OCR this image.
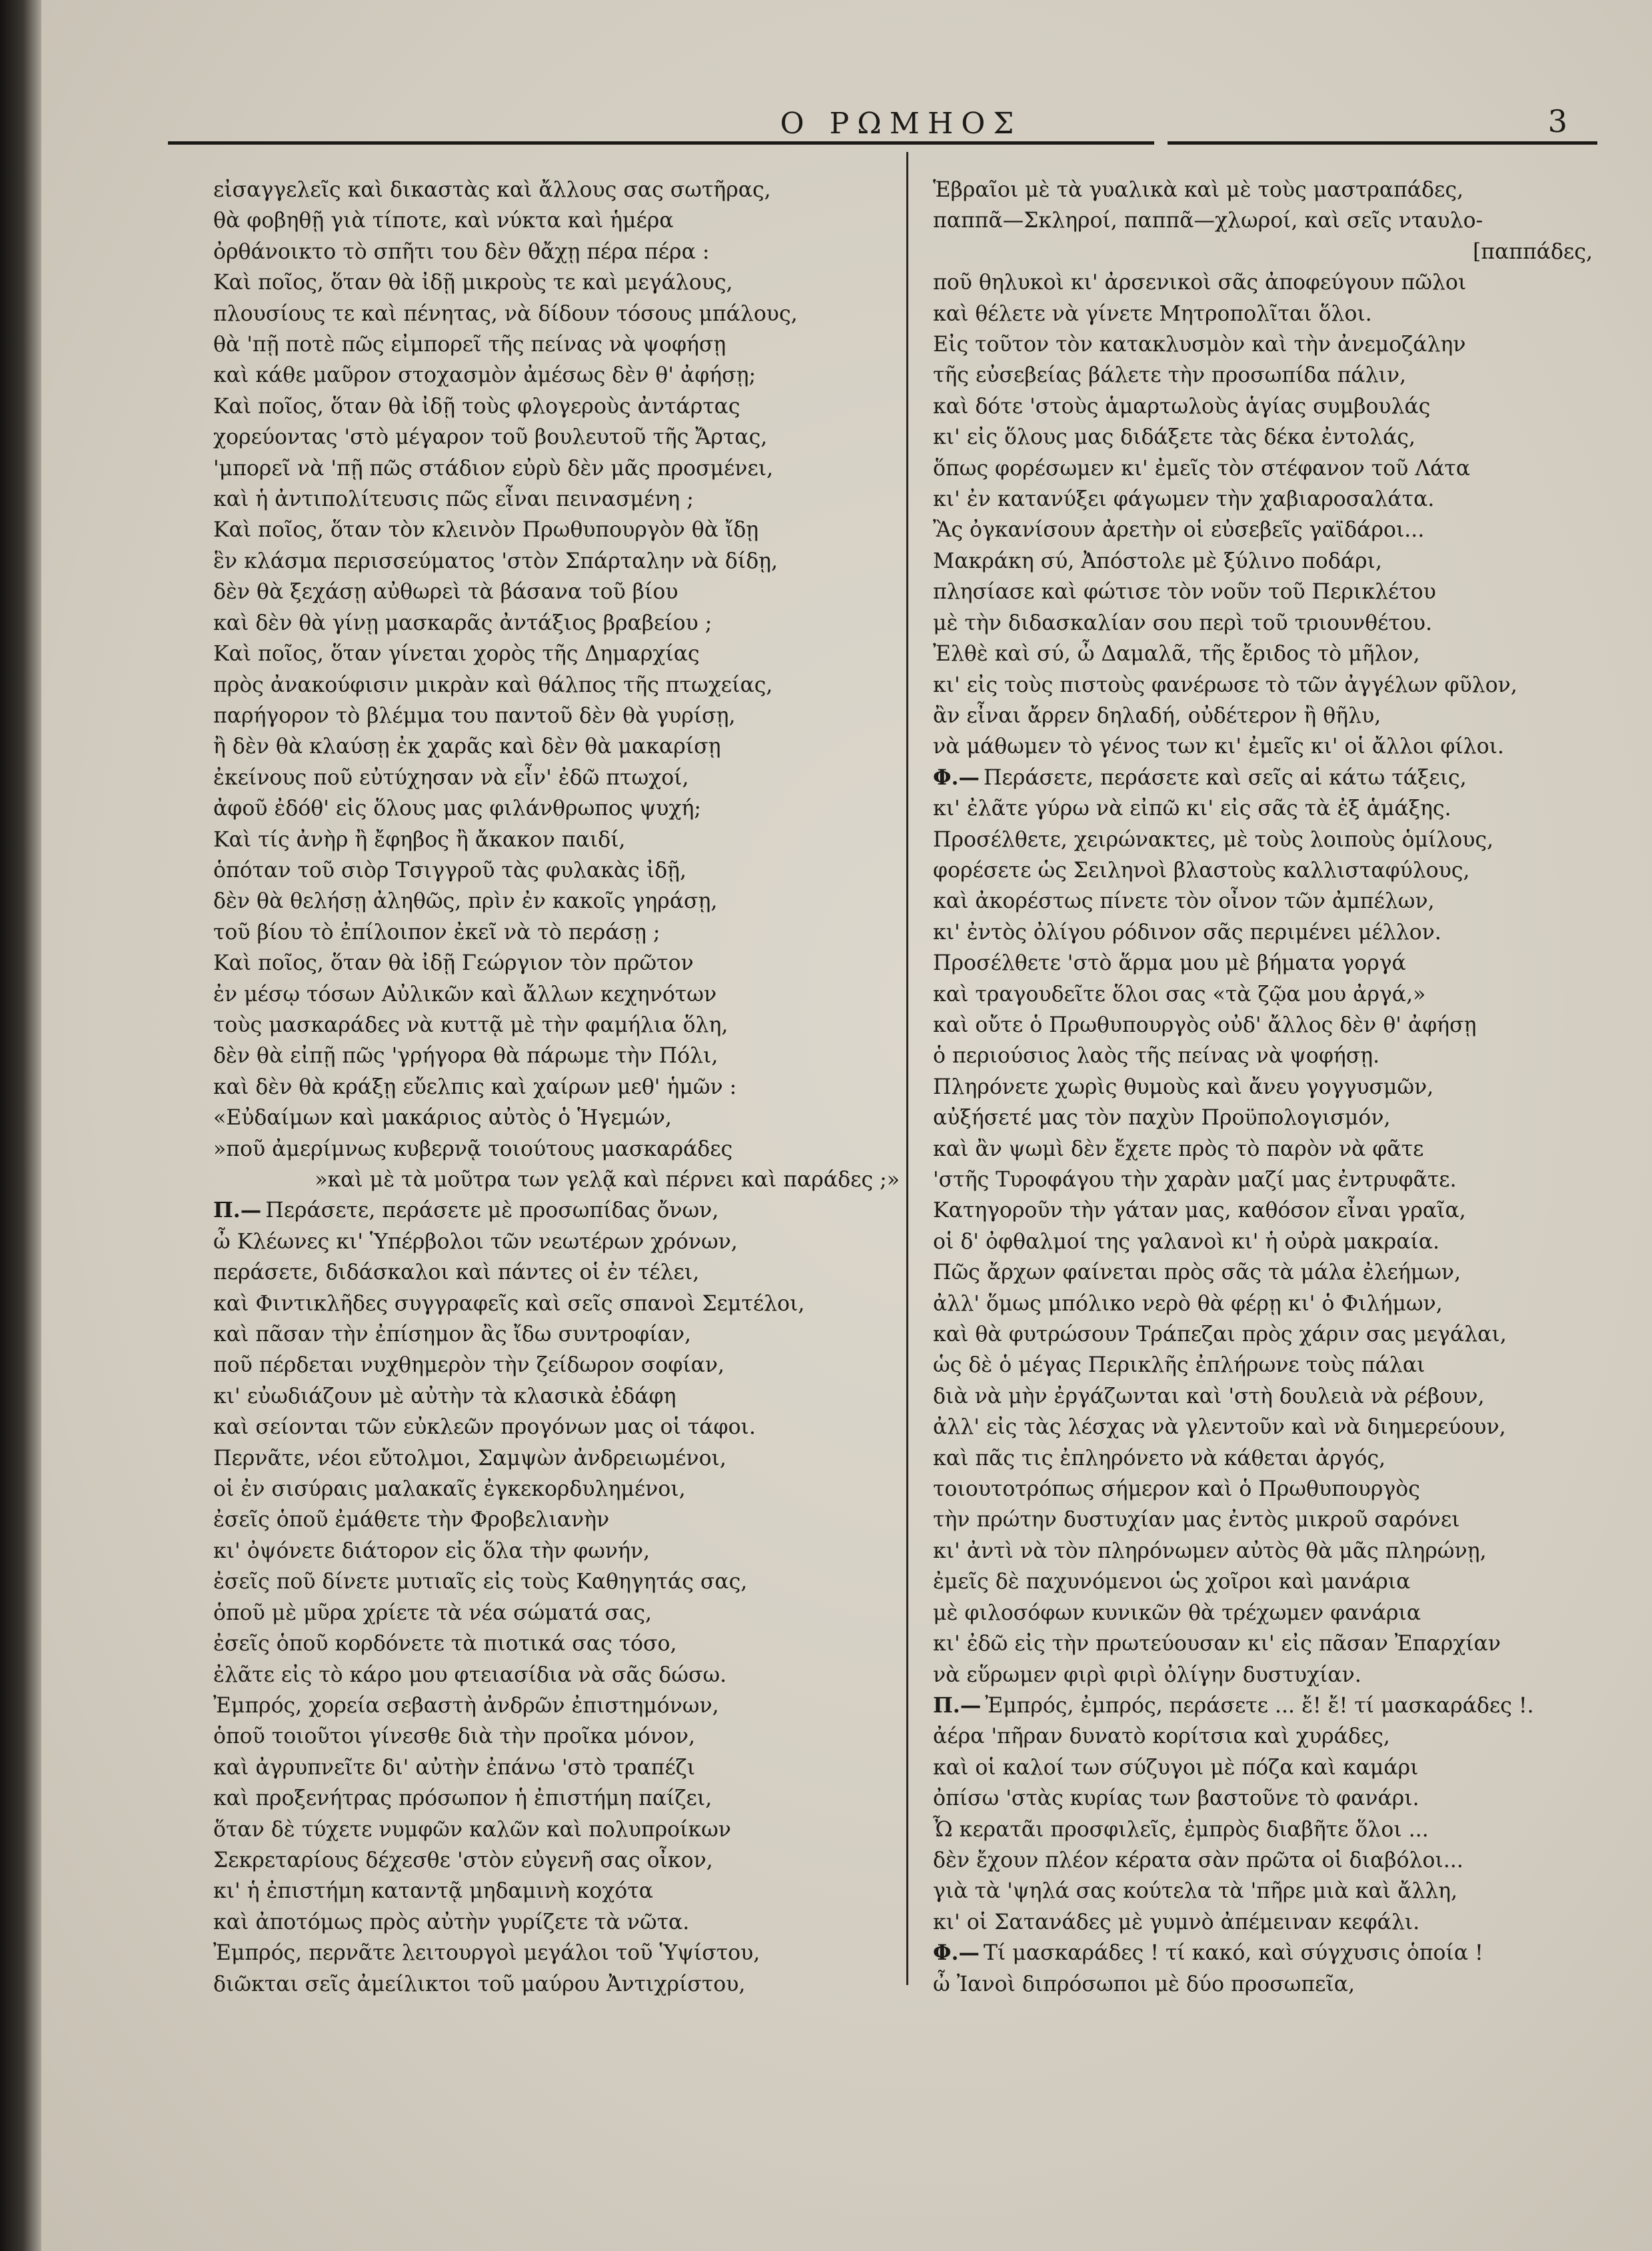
Ο ΡΩΜΗΟΣ	3
εἰσαγγελεῖς καὶ δικαστὰς καὶ ἄλλους σας σωτῆρας,
θὰ φοβηθῇ γιὰ τίποτε, καὶ νύκτα καὶ ἡμέρα
ὀρθάνοικτο τὸ σπῆτι του δὲν θἄχῃ πέρα πέρα :
Καὶ ποῖος, ὅταν θὰ ἰδῇ μικροὺς τε καὶ μεγάλους,
πλουσίους τε καὶ πένητας, νὰ δίδουν τόσους μπάλους,
θὰ 'πῇ ποτὲ πῶς εἰμπορεῖ τῆς πείνας νὰ ψοφήσῃ
καὶ κάθε μαῦρον στοχασμὸν ἀμέσως δὲν θ' ἀφήσῃ;
Καὶ ποῖος, ὅταν θὰ ἰδῇ τοὺς φλογεροὺς ἀντάρτας
χορεύοντας 'στὸ μέγαρον τοῦ βουλευτοῦ τῆς Ἄρτας,
'μπορεῖ νὰ 'πῇ πῶς στάδιον εὐρὺ δὲν μᾶς προσμένει,
καὶ ἡ ἀντιπολίτευσις πῶς εἶναι πεινασμένη ;
Καὶ ποῖος, ὅταν τὸν κλεινὸν Πρωθυπουργὸν θὰ ἴδῃ
ἓν κλάσμα περισσεύματος 'στὸν Σπάρταλην νὰ δίδῃ,
δὲν θὰ ξεχάσῃ αὐθωρεὶ τὰ βάσανα τοῦ βίου
καὶ δὲν θὰ γίνῃ μασκαρᾶς ἀντάξιος βραβείου ;
Καὶ ποῖος, ὅταν γίνεται χορὸς τῆς Δημαρχίας
πρὸς ἀνακούφισιν μικρὰν καὶ θάλπος τῆς πτωχείας,
παρήγορον τὸ βλέμμα του παντοῦ δὲν θὰ γυρίσῃ,
ἢ δὲν θὰ κλαύσῃ ἐκ χαρᾶς καὶ δὲν θὰ μακαρίσῃ
ἐκείνους ποῦ εὐτύχησαν νὰ εἶν' ἐδῶ πτωχοί,
ἀφοῦ ἐδόθ' εἰς ὅλους μας φιλάνθρωπος ψυχή;
Καὶ τίς ἀνὴρ ἢ ἔφηβος ἢ ἄκακον παιδί,
ὁπόταν τοῦ σιὸρ Τσιγγροῦ τὰς φυλακὰς ἰδῇ,
δὲν θὰ θελήσῃ ἀληθῶς, πρὶν ἐν κακοῖς γηράσῃ,
τοῦ βίου τὸ ἐπίλοιπον ἐκεῖ νὰ τὸ περάσῃ ;
Καὶ ποῖος, ὅταν θὰ ἰδῇ Γεώργιον τὸν πρῶτον
ἐν μέσῳ τόσων Αὐλικῶν καὶ ἄλλων κεχηνότων
τοὺς μασκαράδες νὰ κυττᾷ μὲ τὴν φαμήλια ὅλη,
δὲν θὰ εἰπῇ πῶς 'γρήγορα θὰ πάρωμε τὴν Πόλι,
καὶ δὲν θὰ κράξῃ εὔελπις καὶ χαίρων μεθ' ἡμῶν :
«Εὐδαίμων καὶ μακάριος αὐτὸς ὁ Ἡγεμών,
»ποῦ ἀμερίμνως κυβερνᾷ τοιούτους μασκαράδες
»καὶ μὲ τὰ μοῦτρα των γελᾷ καὶ πέρνει καὶ παράδες ;»
Π.— Περάσετε, περάσετε μὲ προσωπίδας ὄνων,
ὦ Κλέωνες κι' Ὑπέρβολοι τῶν νεωτέρων χρόνων,
περάσετε, διδάσκαλοι καὶ πάντες οἱ ἐν τέλει,
καὶ Φιντικλῆδες συγγραφεῖς καὶ σεῖς σπανοὶ Σεμτέλοι,
καὶ πᾶσαν τὴν ἐπίσημον ἂς ἴδω συντροφίαν,
ποῦ πέρδεται νυχθημερὸν τὴν ζείδωρον σοφίαν,
κι' εὐωδιάζουν μὲ αὐτὴν τὰ κλασικὰ ἐδάφη
καὶ σείονται τῶν εὐκλεῶν προγόνων μας οἱ τάφοι.
Περνᾶτε, νέοι εὔτολμοι, Σαμψὼν ἀνδρειωμένοι,
οἱ ἐν σισύραις μαλακαῖς ἐγκεκορδυλημένοι,
ἐσεῖς ὁποῦ ἐμάθετε τὴν Φροβελιανὴν
κι' ὀψόνετε διάτορον εἰς ὅλα τὴν φωνήν,
ἐσεῖς ποῦ δίνετε μυτιαῖς εἰς τοὺς Καθηγητάς σας,
ὁποῦ μὲ μῦρα χρίετε τὰ νέα σώματά σας,
ἐσεῖς ὁποῦ κορδόνετε τὰ πιοτικά σας τόσο,
ἐλᾶτε εἰς τὸ κάρο μου φτειασίδια νὰ σᾶς δώσω.
Ἐμπρός, χορεία σεβαστὴ ἀνδρῶν ἐπιστημόνων,
ὁποῦ τοιοῦτοι γίνεσθε διὰ τὴν προῖκα μόνον,
καὶ ἀγρυπνεῖτε δι' αὐτὴν ἐπάνω 'στὸ τραπέζι
καὶ προξενήτρας πρόσωπον ἡ ἐπιστήμη παίζει,
ὅταν δὲ τύχετε νυμφῶν καλῶν καὶ πολυπροίκων
Σεκρεταρίους δέχεσθε 'στὸν εὐγενῆ σας οἶκον,
κι' ἡ ἐπιστήμη καταντᾷ μηδαμινὴ κοχότα
καὶ ἀποτόμως πρὸς αὐτὴν γυρίζετε τὰ νῶτα.
Ἐμπρός, περνᾶτε λειτουργοὶ μεγάλοι τοῦ Ὑψίστου,
διῶκται σεῖς ἀμείλικτοι τοῦ μαύρου Ἀντιχρίστου,
Ἑβραῖοι μὲ τὰ γυαλικὰ καὶ μὲ τοὺς μαστραπάδες,
παππᾶ—Σκληροί, παππᾶ—χλωροί, καὶ σεῖς νταυλο-
[παππάδες,
ποῦ θηλυκοὶ κι' ἀρσενικοὶ σᾶς ἀποφεύγουν πῶλοι
καὶ θέλετε νὰ γίνετε Μητροπολῖται ὅλοι.
Εἰς τοῦτον τὸν κατακλυσμὸν καὶ τὴν ἀνεμοζάλην
τῆς εὐσεβείας βάλετε τὴν προσωπίδα πάλιν,
καὶ δότε 'στοὺς ἁμαρτωλοὺς ἁγίας συμβουλάς
κι' εἰς ὅλους μας διδάξετε τὰς δέκα ἐντολάς,
ὅπως φορέσωμεν κι' ἐμεῖς τὸν στέφανον τοῦ Λάτα
κι' ἐν κατανύξει φάγωμεν τὴν χαβιαροσαλάτα.
Ἂς ὀγκανίσουν ἀρετὴν οἱ εὐσεβεῖς γαϊδάροι...
Μακράκη σύ, Ἀπόστολε μὲ ξύλινο ποδάρι,
πλησίασε καὶ φώτισε τὸν νοῦν τοῦ Περικλέτου
μὲ τὴν διδασκαλίαν σου περὶ τοῦ τριουνθέτου.
Ἐλθὲ καὶ σύ, ὦ Δαμαλᾶ, τῆς ἔριδος τὸ μῆλον,
κι' εἰς τοὺς πιστοὺς φανέρωσε τὸ τῶν ἀγγέλων φῦλον,
ἂν εἶναι ἄρρεν δηλαδή, οὐδέτερον ἢ θῆλυ,
νὰ μάθωμεν τὸ γένος των κι' ἐμεῖς κι' οἱ ἄλλοι φίλοι.
Φ.— Περάσετε, περάσετε καὶ σεῖς αἱ κάτω τάξεις,
κι' ἐλᾶτε γύρω νὰ εἰπῶ κι' εἰς σᾶς τὰ ἐξ ἁμάξης.
Προσέλθετε, χειρώνακτες, μὲ τοὺς λοιποὺς ὁμίλους,
φορέσετε ὡς Σειληνοὶ βλαστοὺς καλλισταφύλους,
καὶ ἀκορέστως πίνετε τὸν οἶνον τῶν ἀμπέλων,
κι' ἐντὸς ὀλίγου ρόδινον σᾶς περιμένει μέλλον.
Προσέλθετε 'στὸ ἅρμα μου μὲ βήματα γοργά
καὶ τραγουδεῖτε ὅλοι σας «τὰ ζῷα μου ἀργά,»
καὶ οὔτε ὁ Πρωθυπουργὸς οὐδ' ἄλλος δὲν θ' ἀφήσῃ
ὁ περιούσιος λαὸς τῆς πείνας νὰ ψοφήσῃ.
Πληρόνετε χωρὶς θυμοὺς καὶ ἄνευ γογγυσμῶν,
αὐξήσετέ μας τὸν παχὺν Προϋπολογισμόν,
καὶ ἂν ψωμὶ δὲν ἔχετε πρὸς τὸ παρὸν νὰ φᾶτε
'στῆς Τυροφάγου τὴν χαρὰν μαζί μας ἐντρυφᾶτε.
Κατηγοροῦν τὴν γάταν μας, καθόσον εἶναι γραῖα,
οἱ δ' ὀφθαλμοί της γαλανοὶ κι' ἡ οὐρὰ μακραία.
Πῶς ἄρχων φαίνεται πρὸς σᾶς τὰ μάλα ἐλεήμων,
ἀλλ' ὅμως μπόλικο νερὸ θὰ φέρῃ κι' ὁ Φιλήμων,
καὶ θὰ φυτρώσουν Τράπεζαι πρὸς χάριν σας μεγάλαι,
ὡς δὲ ὁ μέγας Περικλῆς ἐπλήρωνε τοὺς πάλαι
διὰ νὰ μὴν ἐργάζωνται καὶ 'στὴ δουλειὰ νὰ ρέβουν,
ἀλλ' εἰς τὰς λέσχας νὰ γλεντοῦν καὶ νὰ διημερεύουν,
καὶ πᾶς τις ἐπληρόνετο νὰ κάθεται ἀργός,
τοιουτοτρόπως σήμερον καὶ ὁ Πρωθυπουργὸς
τὴν πρώτην δυστυχίαν μας ἐντὸς μικροῦ σαρόνει
κι' ἀντὶ νὰ τὸν πληρόνωμεν αὐτὸς θὰ μᾶς πληρώνῃ,
ἐμεῖς δὲ παχυνόμενοι ὡς χοῖροι καὶ μανάρια
μὲ φιλοσόφων κυνικῶν θὰ τρέχωμεν φανάρια
κι' ἐδῶ εἰς τὴν πρωτεύουσαν κι' εἰς πᾶσαν Ἐπαρχίαν
νὰ εὕρωμεν φιρὶ φιρὶ ὀλίγην δυστυχίαν.
Π.— Ἐμπρός, ἐμπρός, περάσετε ... ἔ! ἔ! τί μασκαράδες !.
ἀέρα 'πῆραν δυνατὸ κορίτσια καὶ χυράδες,
καὶ οἱ καλοί των σύζυγοι μὲ πόζα καὶ καμάρι
ὀπίσω 'στὰς κυρίας των βαστοῦνε τὸ φανάρι.
Ὦ κερατᾶι προσφιλεῖς, ἐμπρὸς διαβῆτε ὅλοι ...
δὲν ἔχουν πλέον κέρατα σὰν πρῶτα οἱ διαβόλοι...
γιὰ τὰ 'ψηλά σας κούτελα τὰ 'πῆρε μιὰ καὶ ἄλλη,
κι' οἱ Σατανάδες μὲ γυμνὸ ἀπέμειναν κεφάλι.
Φ.— Τί μασκαράδες ! τί κακό, καὶ σύγχυσις ὁποία !
ὦ Ἰανοὶ διπρόσωποι μὲ δύο προσωπεῖα,
